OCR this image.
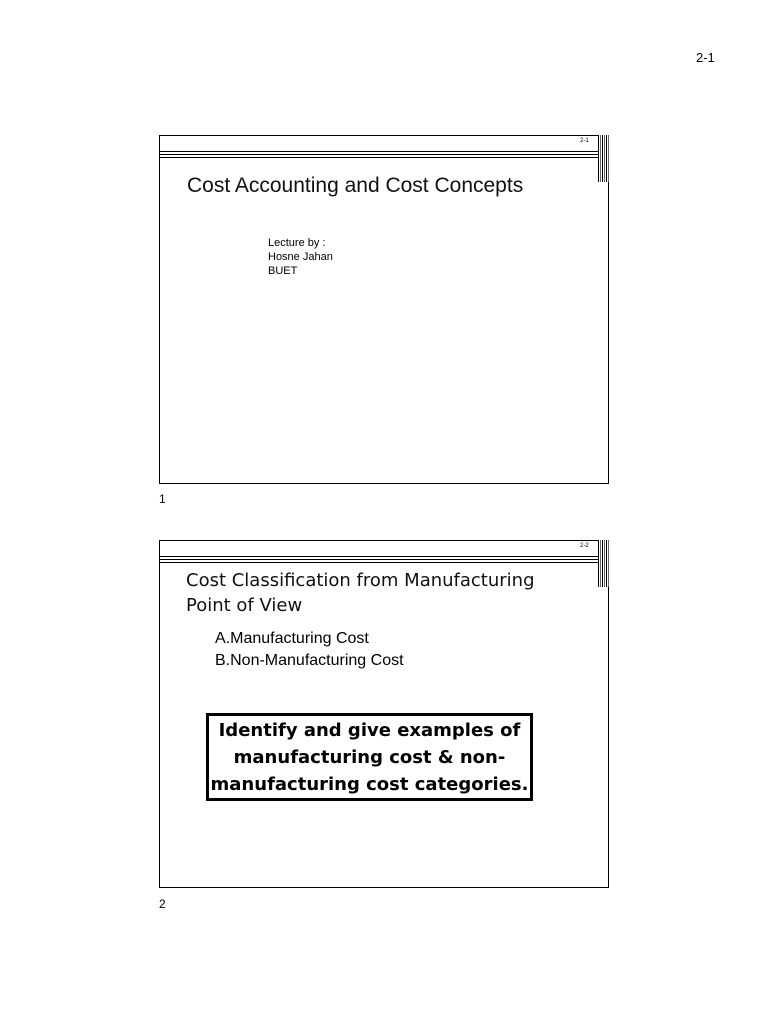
2-1
2-1
Cost Accounting and Cost Concepts
Lecture by :
Hosne Jahan
BUET
1
2-2
Cost Classification from Manufacturing
Point of View
A.Manufacturing Cost
B.Non-Manufacturing Cost
Identify and give examples of
manufacturing cost & non-
manufacturing cost categories.
2
